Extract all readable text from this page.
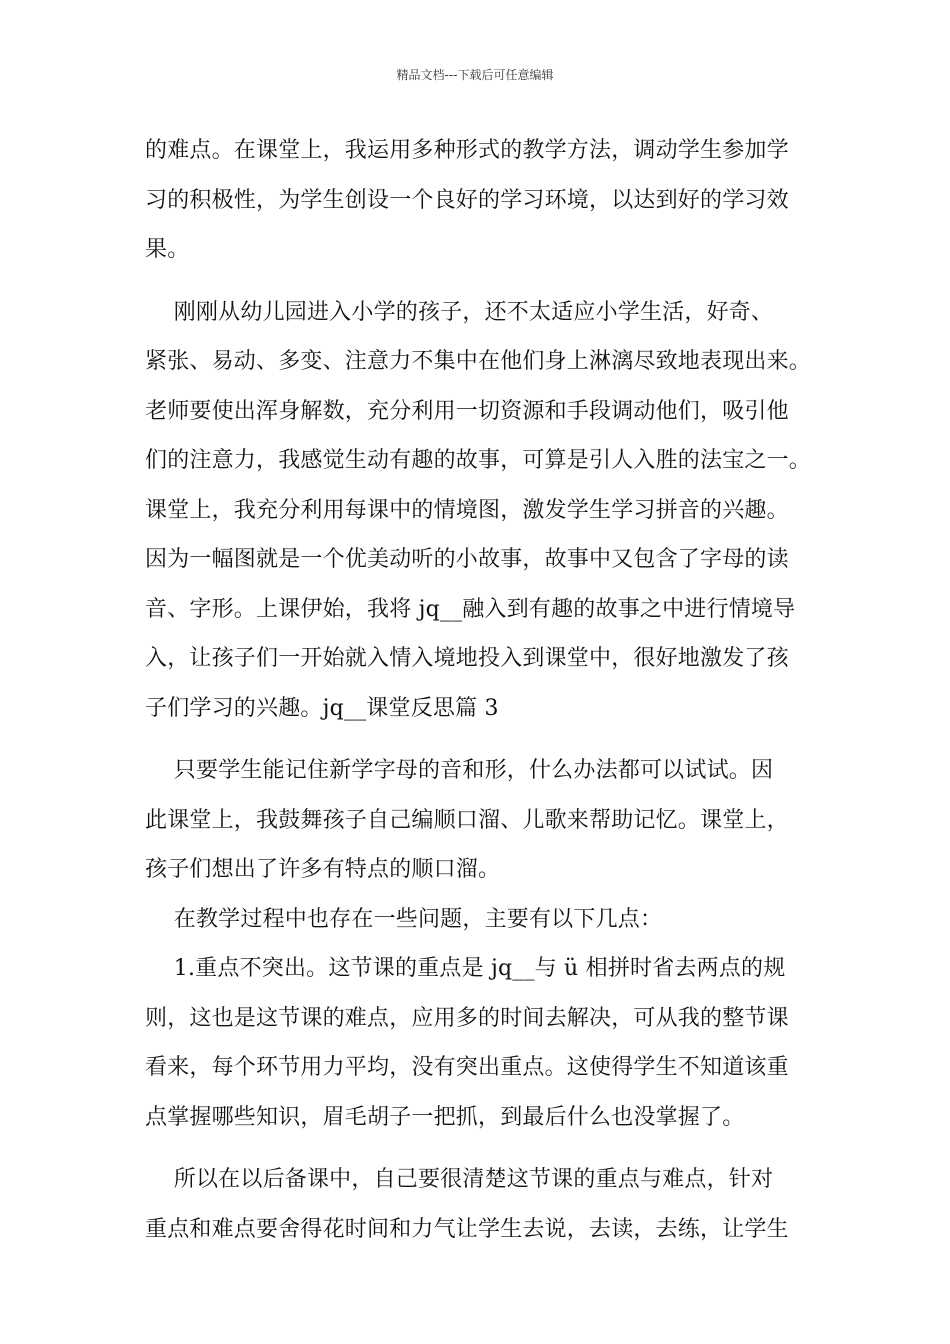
精品文档---下载后可任意编辑
的难点。在课堂上，我运用多种形式的教学方法，调动学生参加学
习的积极性，为学生创设一个良好的学习环境，以达到好的学习效
果。
刚刚从幼儿园进入小学的孩子，还不太适应小学生活，好奇、
紧张、易动、多变、注意力不集中在他们身上淋漓尽致地表现出来。
老师要使出浑身解数，充分利用一切资源和手段调动他们，吸引他
们的注意力，我感觉生动有趣的故事，可算是引人入胜的法宝之一。
课堂上，我充分利用每课中的情境图，激发学生学习拼音的兴趣。
因为一幅图就是一个优美动听的小故事，故事中又包含了字母的读
音、字形。上课伊始，我将 jq__融入到有趣的故事之中进行情境导
入，让孩子们一开始就入情入境地投入到课堂中，很好地激发了孩
子们学习的兴趣。jq__课堂反思篇 3
只要学生能记住新学字母的音和形，什么办法都可以试试。因
此课堂上，我鼓舞孩子自己编顺口溜、儿歌来帮助记忆。课堂上，
孩子们想出了许多有特点的顺口溜。
在教学过程中也存在一些问题，主要有以下几点：
1.重点不突出。这节课的重点是 jq__与 ü 相拼时省去两点的规
则，这也是这节课的难点，应用多的时间去解决，可从我的整节课
看来，每个环节用力平均，没有突出重点。这使得学生不知道该重
点掌握哪些知识，眉毛胡子一把抓，到最后什么也没掌握了。
所以在以后备课中，自己要很清楚这节课的重点与难点，针对
重点和难点要舍得花时间和力气让学生去说，去读，去练，让学生
